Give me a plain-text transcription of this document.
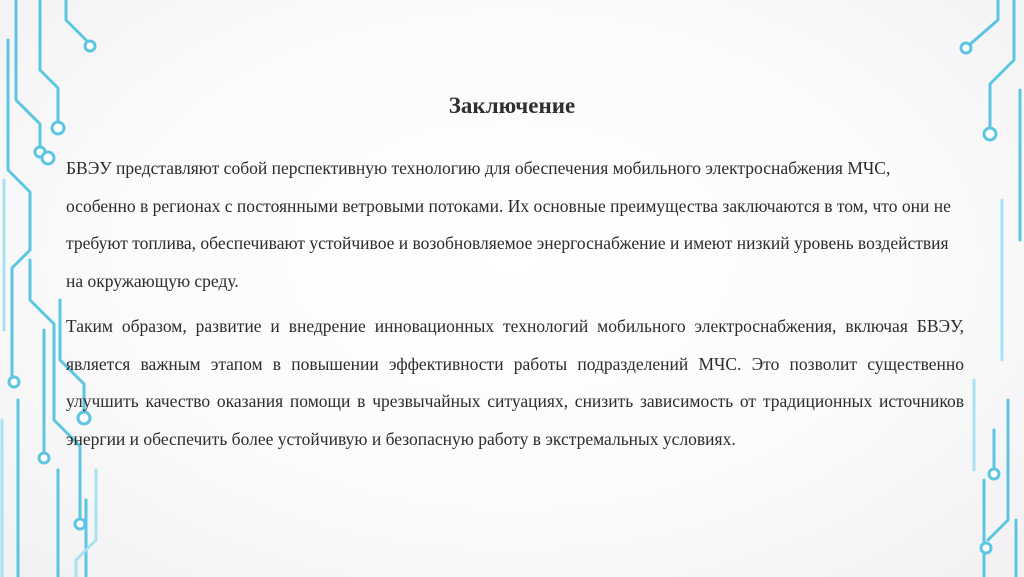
Заключение

БВЭУ представляют собой перспективную технологию для обеспечения мобильного электроснабжения МЧС, особенно в регионах с постоянными ветровыми потоками. Их основные преимущества заключаются в том, что они не требуют топлива, обеспечивают устойчивое и возобновляемое энергоснабжение и имеют низкий уровень воздействия на окружающую среду.

Таким образом, развитие и внедрение инновационных технологий мобильного электроснабжения, включая БВЭУ, является важным этапом в повышении эффективности работы подразделений МЧС. Это позволит существенно улучшить качество оказания помощи в чрезвычайных ситуациях, снизить зависимость от традиционных источников энергии и обеспечить более устойчивую и безопасную работу в экстремальных условиях.
